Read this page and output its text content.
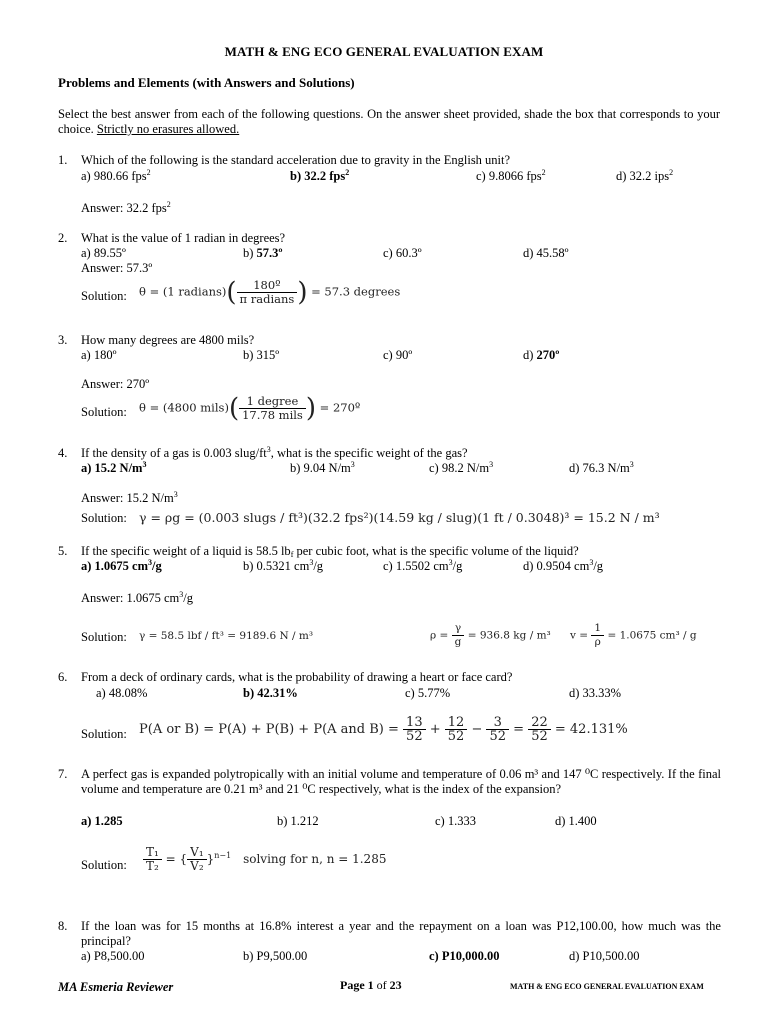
MATH & ENG ECO GENERAL EVALUATION EXAM
Problems and Elements (with Answers and Solutions)
Select the best answer from each of the following questions. On the answer sheet provided, shade the box that corresponds to your choice. Strictly no erasures allowed.
1. Which of the following is the standard acceleration due to gravity in the English unit?
a) 980.66 fps$^2$	b) 32.2 fps$^2$	c) 9.8066 fps$^2$	d) 32.2 ips$^2$
Answer: 32.2 fps$^2$
2. What is the value of 1 radian in degrees?
a) 89.55º	b) 57.3º	c) 60.3º	d) 45.58º
Answer: 57.3º
Solution: θ = (1 radians)( $\frac{\text{180º}}{\text{π radians}}$ ) = 57.3 degrees
3. How many degrees are 4800 mils?
a) 180º	b) 315º	c) 90º	d) 270º
Answer: 270º
Solution: θ = (4800 mils)( $\frac{\text{1 degree}}{\text{17.78 mils}}$ ) = 270º
4. If the density of a gas is 0.003 slug/$ft^3$, what is the specific weight of the gas?
a) 15.2 $N/m^3$	b) 9.04 $N/m^3$	c) 98.2 $N/m^3$	d) 76.3 $N/m^3$
Answer: 15.2 $N/m^3$
Solution: γ = ρg = (0.003 slugs / ft³)(32.2 fps²)(14.59 kg / slug)(1 ft / 0.3048)³ = 15.2 N / m³
5. If the specific weight of a liquid is 58.5 $lb_f$ per cubic foot, what is the specific volume of the liquid?
a) 1.0675 $cm^3/g$	b) 0.5321 $cm^3/g$	c) 1.5502 $cm^3/g$	d) 0.9504 $cm^3/g$
Answer: 1.0675 $cm^3/g$
Solution: γ = 58.5 lbf / ft³ = 9189.6 N / m³	$\rho = \frac{\gamma}{g} = 936.8$ kg / m³ $v = \frac{1}{\rho} = 1.0675$ cm³ / g
6. From a deck of ordinary cards, what is the probability of drawing a heart or face card?
a) 48.08%	b) 42.31%	c) 5.77%	d) 33.33%
Solution: P(A or B) = P(A) + P(B) + P(A and $B) = \frac{13}{52} + \frac{12}{52} - \frac{3}{52} = \frac{22}{52} = 42.131\%$
7. A perfect gas is expanded polytropically with an initial volume and temperature of 0.06 m³ and 147 ⁰C respectively. If the final volume and temperature are 0.21 m³ and 21 ⁰C respectively, what is the index of the expansion?
a) 1.285	b) 1.212	c) 1.333	d) 1.400
Solution: $\frac{\text{T₁}}{\text{T₂}}$ = { $\frac{\text{V₁}}{\text{V₂}} \}^{n-1}$ solving for n, n = 1.285
8. If the loan was for 15 months at 16.8% interest a year and the repayment on a loan was P12,100.00, how much was the principal?
a) P8,500.00	b) P9,500.00	c) P10,000.00	d) P10,500.00
MA Esmeria Reviewer	Page 1 of 23	MATH & ENG ECO GENERAL EVALUATION EXAM
